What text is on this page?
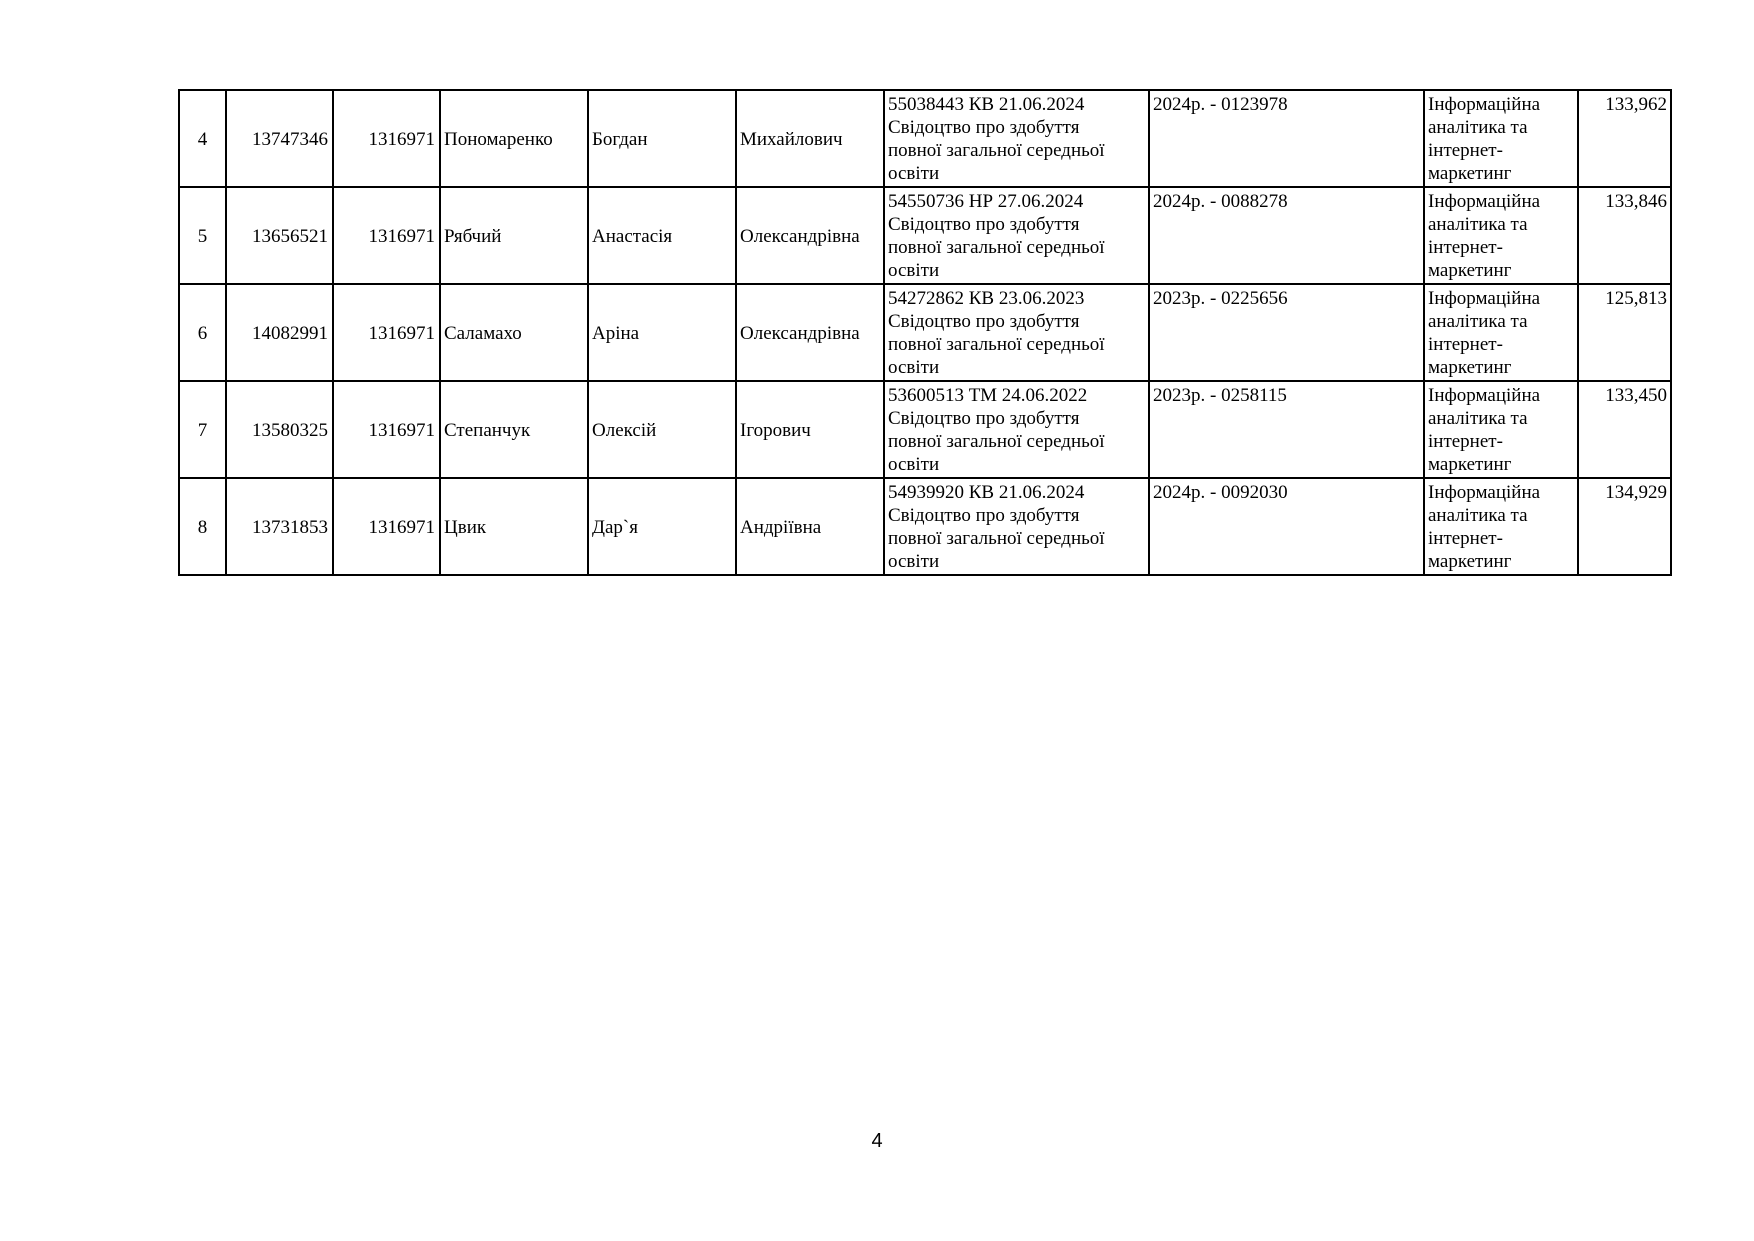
4	13747346	1316971	Пономаренко	Богдан	Михайлович	55038443 КВ 21.06.2024
Свідоцтво про здобуття
повної загальної середньої
освіти	2024р. - 0123978	Інформаційна
аналітика та
інтернет-
маркетинг	133,962
5	13656521	1316971	Рябчий	Анастасія	Олександрівна	54550736 НР 27.06.2024
Свідоцтво про здобуття
повної загальної середньої
освіти	2024р. - 0088278	Інформаційна
аналітика та
інтернет-
маркетинг	133,846
6	14082991	1316971	Саламахо	Аріна	Олександрівна	54272862 КВ 23.06.2023
Свідоцтво про здобуття
повної загальної середньої
освіти	2023р. - 0225656	Інформаційна
аналітика та
інтернет-
маркетинг	125,813
7	13580325	1316971	Степанчук	Олексій	Ігорович	53600513 ТМ 24.06.2022
Свідоцтво про здобуття
повної загальної середньої
освіти	2023р. - 0258115	Інформаційна
аналітика та
інтернет-
маркетинг	133,450
8	13731853	1316971	Цвик	Дар`я	Андріївна	54939920 КВ 21.06.2024
Свідоцтво про здобуття
повної загальної середньої
освіти	2024р. - 0092030	Інформаційна
аналітика та
інтернет-
маркетинг	134,929
4
